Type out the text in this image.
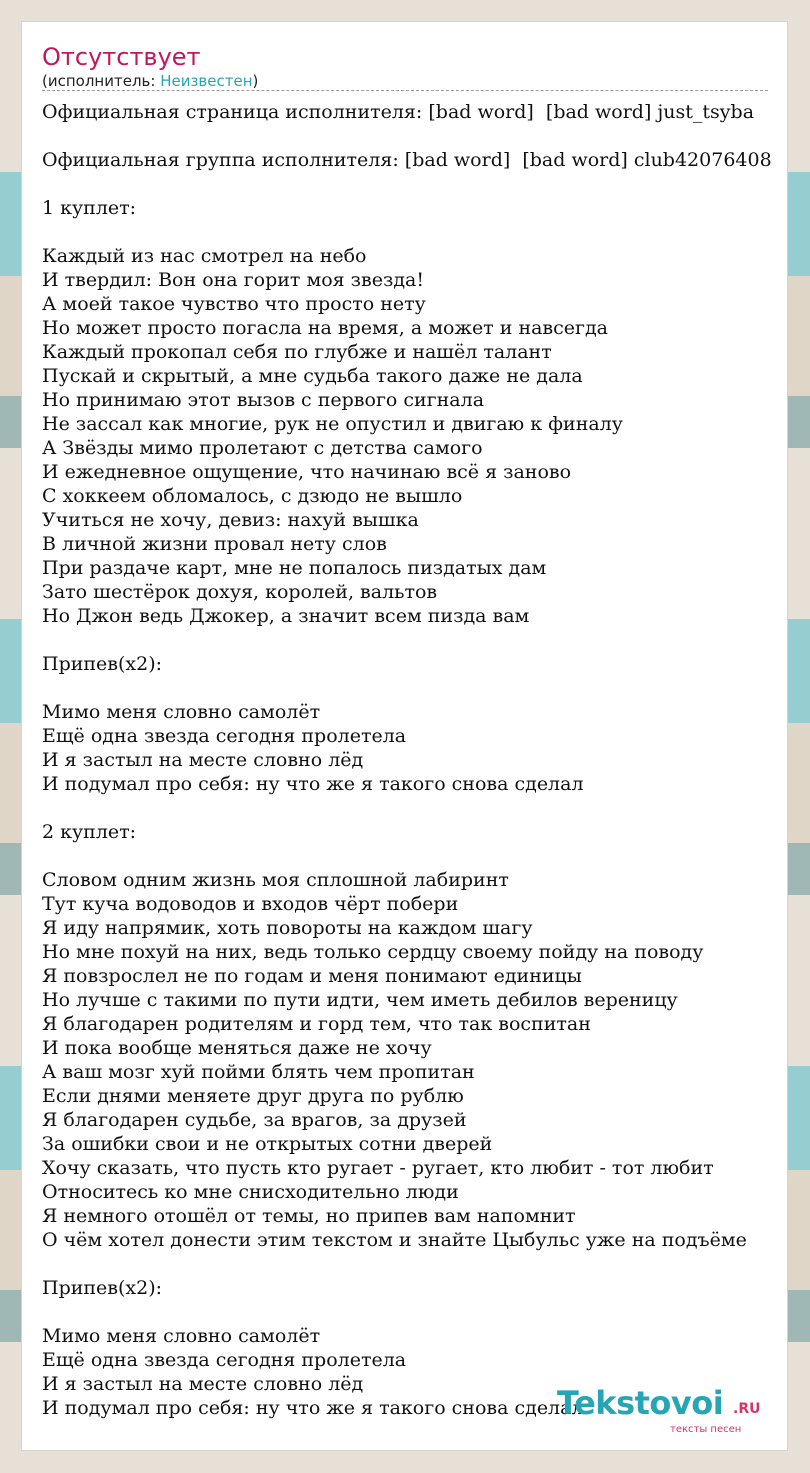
Отсутствует
(исполнитель: Неизвестен)
Официальная страница исполнителя: [bad word]  [bad word] just_tsyba
Официальная группа исполнителя: [bad word]  [bad word] club42076408
1 куплет:
Каждый из нас смотрел на небо
И твердил: Вон она горит моя звезда!
А моей такое чувство что просто нету
Но может просто погасла на время, а может и навсегда
Каждый прокопал себя по глубже и нашёл талант
Пускай и скрытый, а мне судьба такого даже не дала
Но принимаю этот вызов с первого сигнала
Не зассал как многие, рук не опустил и двигаю к финалу
А Звёзды мимо пролетают с детства самого
И ежедневное ощущение, что начинаю всё я заново
С хоккеем обломалось, с дзюдо не вышло
Учиться не хочу, девиз: нахуй вышка
В личной жизни провал нету слов
При раздаче карт, мне не попалось пиздатых дам
Зато шестёрок дохуя, королей, вальтов
Но Джон ведь Джокер, а значит всем пизда вам
Припев(x2):
Мимо меня словно самолёт
Ещё одна звезда сегодня пролетела
И я застыл на месте словно лёд
И подумал про себя: ну что же я такого снова сделал
2 куплет:
Словом одним жизнь моя сплошной лабиринт
Тут куча водоводов и входов чёрт побери
Я иду напрямик, хоть повороты на каждом шагу
Но мне похуй на них, ведь только сердцу своему пойду на поводу
Я повзрослел не по годам и меня понимают единицы
Но лучше с такими по пути идти, чем иметь дебилов вереницу
Я благодарен родителям и горд тем, что так воспитан
И пока вообще меняться даже не хочу
А ваш мозг хуй пойми блять чем пропитан
Если днями меняете друг друга по рублю
Я благодарен судьбе, за врагов, за друзей
За ошибки свои и не открытых сотни дверей
Хочу сказать, что пусть кто ругает - ругает, кто любит - тот любит
Относитесь ко мне снисходительно люди
Я немного отошёл от темы, но припев вам напомнит
О чём хотел донести этим текстом и знайте Цыбульс уже на подъёме
Припев(x2):
Мимо меня словно самолёт
Ещё одна звезда сегодня пролетела
И я застыл на месте словно лёд
И подумал про себя: ну что же я такого снова сделал
Tekstovoi .RU
тексты песен
